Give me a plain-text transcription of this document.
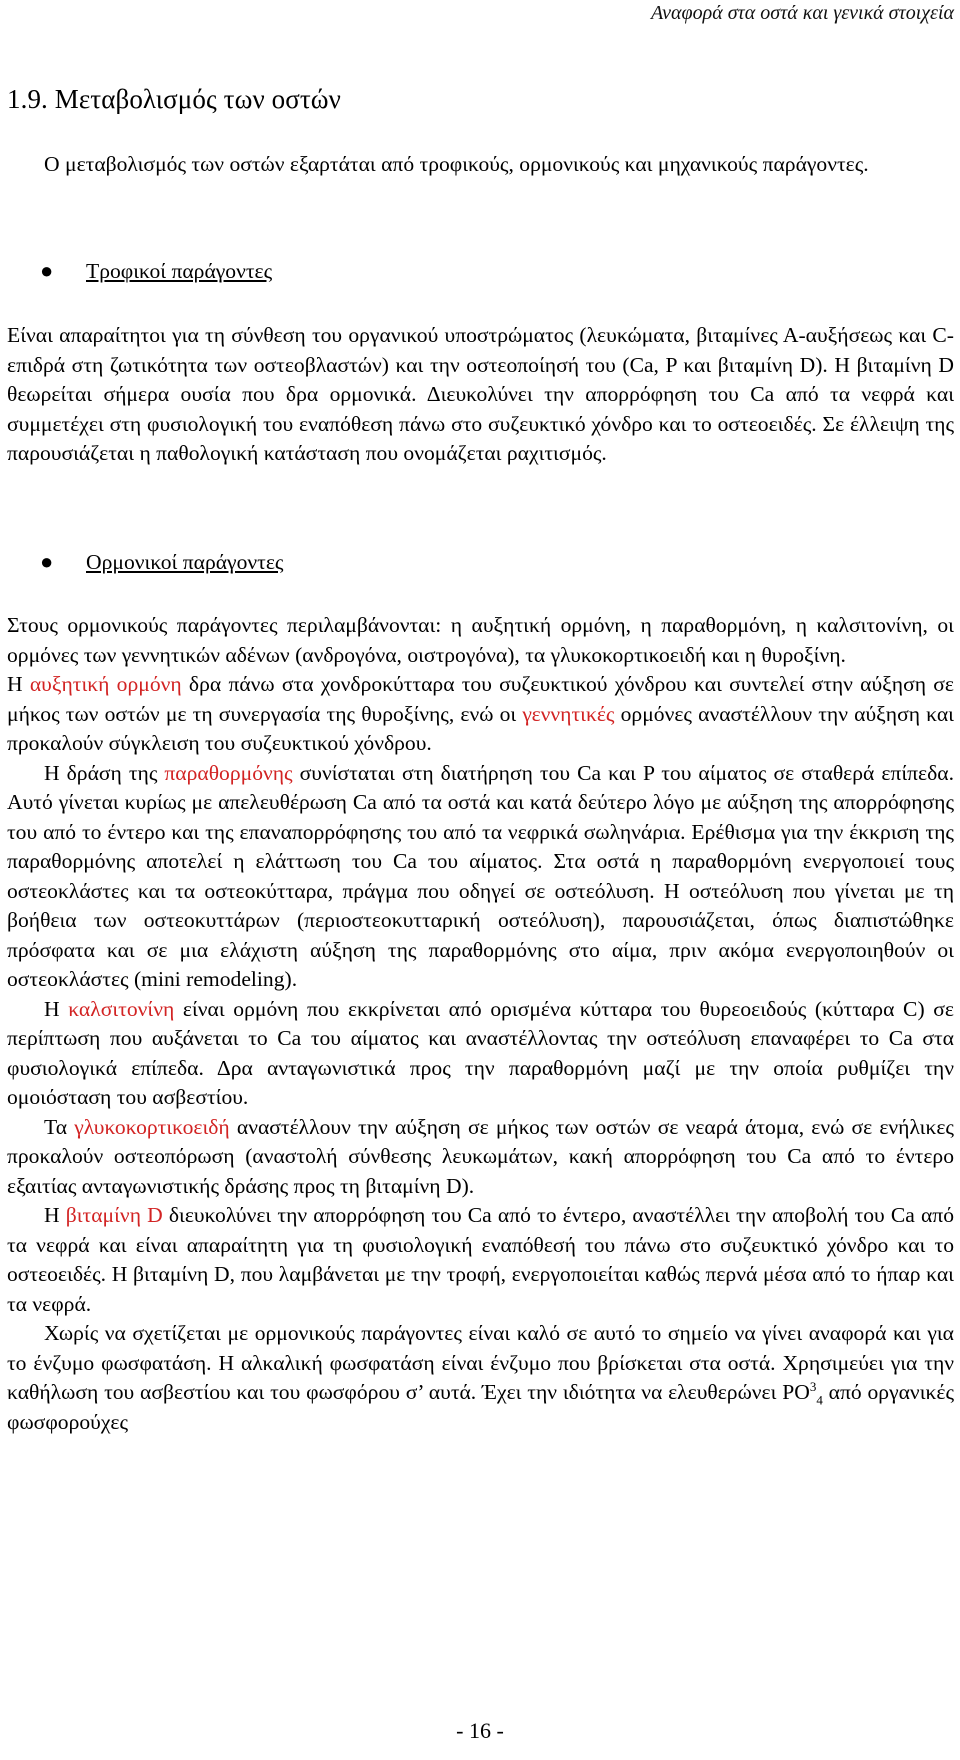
Αναφορά στα οστά και γενικά στοιχεία
1.9. Μεταβολισμός των οστών

Ο μεταβολισμός των οστών εξαρτάται από τροφικούς, ορμονικούς και μηχανικούς παράγοντες.

● Τροφικοί παράγοντες

Είναι απαραίτητοι για τη σύνθεση του οργανικού υποστρώματος (λευκώματα, βιταμίνες Α-αυξήσεως και C-επιδρά στη ζωτικότητα των οστεοβλαστών) και την οστεοποίησή του (Ca, P και βιταμίνη D). Η βιταμίνη D θεωρείται σήμερα ουσία που δρα ορμονικά. Διευκολύνει την απορρόφηση του Ca από τα νεφρά και συμμετέχει στη φυσιολογική του εναπόθεση πάνω στο συζευκτικό χόνδρο και το οστεοειδές. Σε έλλειψη της παρουσιάζεται η παθολογική κατάσταση που ονομάζεται ραχιτισμός.

● Ορμονικοί παράγοντες

Στους ορμονικούς παράγοντες περιλαμβάνονται: η αυξητική ορμόνη, η παραθορμόνη, η καλσιτονίνη, οι ορμόνες των γεννητικών αδένων (ανδρογόνα, οιστρογόνα), τα γλυκοκορτικοειδή και η θυροξίνη.

Η αυξητική ορμόνη δρα πάνω στα χονδροκύτταρα του συζευκτικού χόνδρου και συντελεί στην αύξηση σε μήκος των οστών με τη συνεργασία της θυροξίνης, ενώ οι γεννητικές ορμόνες αναστέλλουν την αύξηση και προκαλούν σύγκλειση του συζευκτικού χόνδρου.

Η δράση της παραθορμόνης συνίσταται στη διατήρηση του Ca και P του αίματος σε σταθερά επίπεδα. Αυτό γίνεται κυρίως με απελευθέρωση Ca από τα οστά και κατά δεύτερο λόγο με αύξηση της απορρόφησης του από το έντερο και της επαναπορρόφησης του από τα νεφρικά σωληνάρια. Ερέθισμα για την έκκριση της παραθορμόνης αποτελεί η ελάττωση του Ca του αίματος. Στα οστά η παραθορμόνη ενεργοποιεί τους οστεοκλάστες και τα οστεοκύτταρα, πράγμα που οδηγεί σε οστεόλυση. Η οστεόλυση που γίνεται με τη βοήθεια των οστεοκυττάρων (περιοστεοκυτταρική οστεόλυση), παρουσιάζεται, όπως διαπιστώθηκε πρόσφατα και σε μια ελάχιστη αύξηση της παραθορμόνης στο αίμα, πριν ακόμα ενεργοποιηθούν οι οστεοκλάστες (mini remodeling).

Η καλσιτονίνη είναι ορμόνη που εκκρίνεται από ορισμένα κύτταρα του θυρεοειδούς (κύτταρα C) σε περίπτωση που αυξάνεται το Ca του αίματος και αναστέλλοντας την οστεόλυση επαναφέρει το Ca στα φυσιολογικά επίπεδα. Δρα ανταγωνιστικά προς την παραθορμόνη μαζί με την οποία ρυθμίζει την ομοιόσταση του ασβεστίου.

Τα γλυκοκορτικοειδή αναστέλλουν την αύξηση σε μήκος των οστών σε νεαρά άτομα, ενώ σε ενήλικες προκαλούν οστεοπόρωση (αναστολή σύνθεσης λευκωμάτων, κακή απορρόφηση του Ca από το έντερο εξαιτίας ανταγωνιστικής δράσης προς τη βιταμίνη D).

Η βιταμίνη D διευκολύνει την απορρόφηση του Ca από το έντερο, αναστέλλει την αποβολή του Ca από τα νεφρά και είναι απαραίτητη για τη φυσιολογική εναπόθεσή του πάνω στο συζευκτικό χόνδρο και το οστεοειδές. Η βιταμίνη D, που λαμβάνεται με την τροφή, ενεργοποιείται καθώς περνά μέσα από το ήπαρ και τα νεφρά.

Χωρίς να σχετίζεται με ορμονικούς παράγοντες είναι καλό σε αυτό το σημείο να γίνει αναφορά και για το ένζυμο φωσφατάση. Η αλκαλική φωσφατάση είναι ένζυμο που βρίσκεται στα οστά. Χρησιμεύει για την καθήλωση του ασβεστίου και του φωσφόρου σ’ αυτά. Έχει την ιδιότητα να ελευθερώνει $PO^3_4$ από οργανικές φωσφορούχες

- 16 -
